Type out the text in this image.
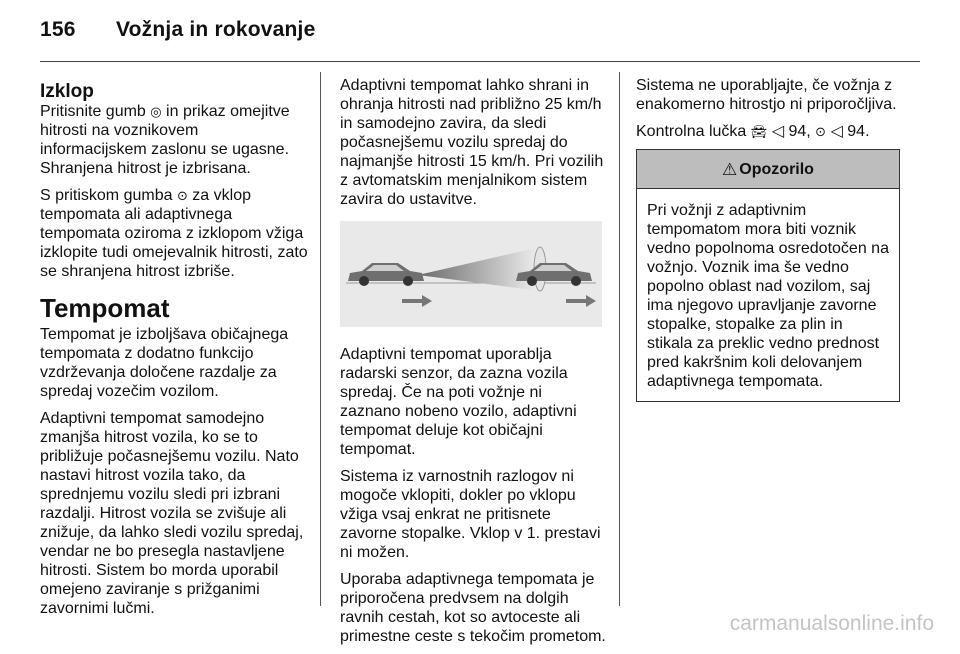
156 Vožnja in rokovanje
Izklop

Pritisnite gumb ◎ in prikaz omejitve hitrosti na voznikovem informacijskem zaslonu se ugasne. Shranjena hitrost je izbrisana.

S pritiskom gumba ⊙ za vklop tempomata ali adaptivnega tempomata oziroma z izklopom vžiga izklopite tudi omejevalnik hitrosti, zato se shranjena hitrost izbriše.

Tempomat

Tempomat je izboljšava običajnega tempomata z dodatno funkcijo vzdrževanja določene razdalje za spredaj vozečim vozilom.

Adaptivni tempomat samodejno zmanjša hitrost vozila, ko se to približuje počasnejšemu vozilu. Nato nastavi hitrost vozila tako, da sprednjemu vozilu sledi pri izbrani razdalji. Hitrost vozila se zvišuje ali znižuje, da lahko sledi vozilu spredaj, vendar ne bo presegla nastavljene hitrosti. Sistem bo morda uporabil omejeno zaviranje s prižganimi zavornimi lučmi.

Adaptivni tempomat lahko shrani in ohranja hitrosti nad približno 25 km/h in samodejno zavira, da sledi počasnejšemu vozilu spredaj do najmanjše hitrosti 15 km/h. Pri vozilih z avtomatskim menjalnikom sistem zavira do ustavitve.

Adaptivni tempomat uporablja radarski senzor, da zazna vozila spredaj. Če na poti vožnje ni zaznano nobeno vozilo, adaptivni tempomat deluje kot običajni tempomat.

Sistema iz varnostnih razlogov ni mogoče vklopiti, dokler po vklopu vžiga vsaj enkrat ne pritisnete zavorne stopalke. Vklop v 1. prestavi ni možen.

Uporaba adaptivnega tempomata je priporočena predvsem na dolgih ravnih cestah, kot so avtoceste ali primestne ceste s tekočim prometom.

Sistema ne uporabljajte, če vožnja z enakomerno hitrostjo ni priporočljiva.

Kontrolna lučka 🚘︎ ◁ 94, ⊙ ◁ 94.

⚠ Opozorilo
Pri vožnji z adaptivnim tempomatom mora biti voznik vedno popolnoma osredotočen na vožnjo. Voznik ima še vedno popolno oblast nad vozilom, saj ima njegovo upravljanje zavorne stopalke, stopalke za plin in stikala za preklic vedno prednost pred kakršnim koli delovanjem adaptivnega tempomata.
carmanualsonline.info
